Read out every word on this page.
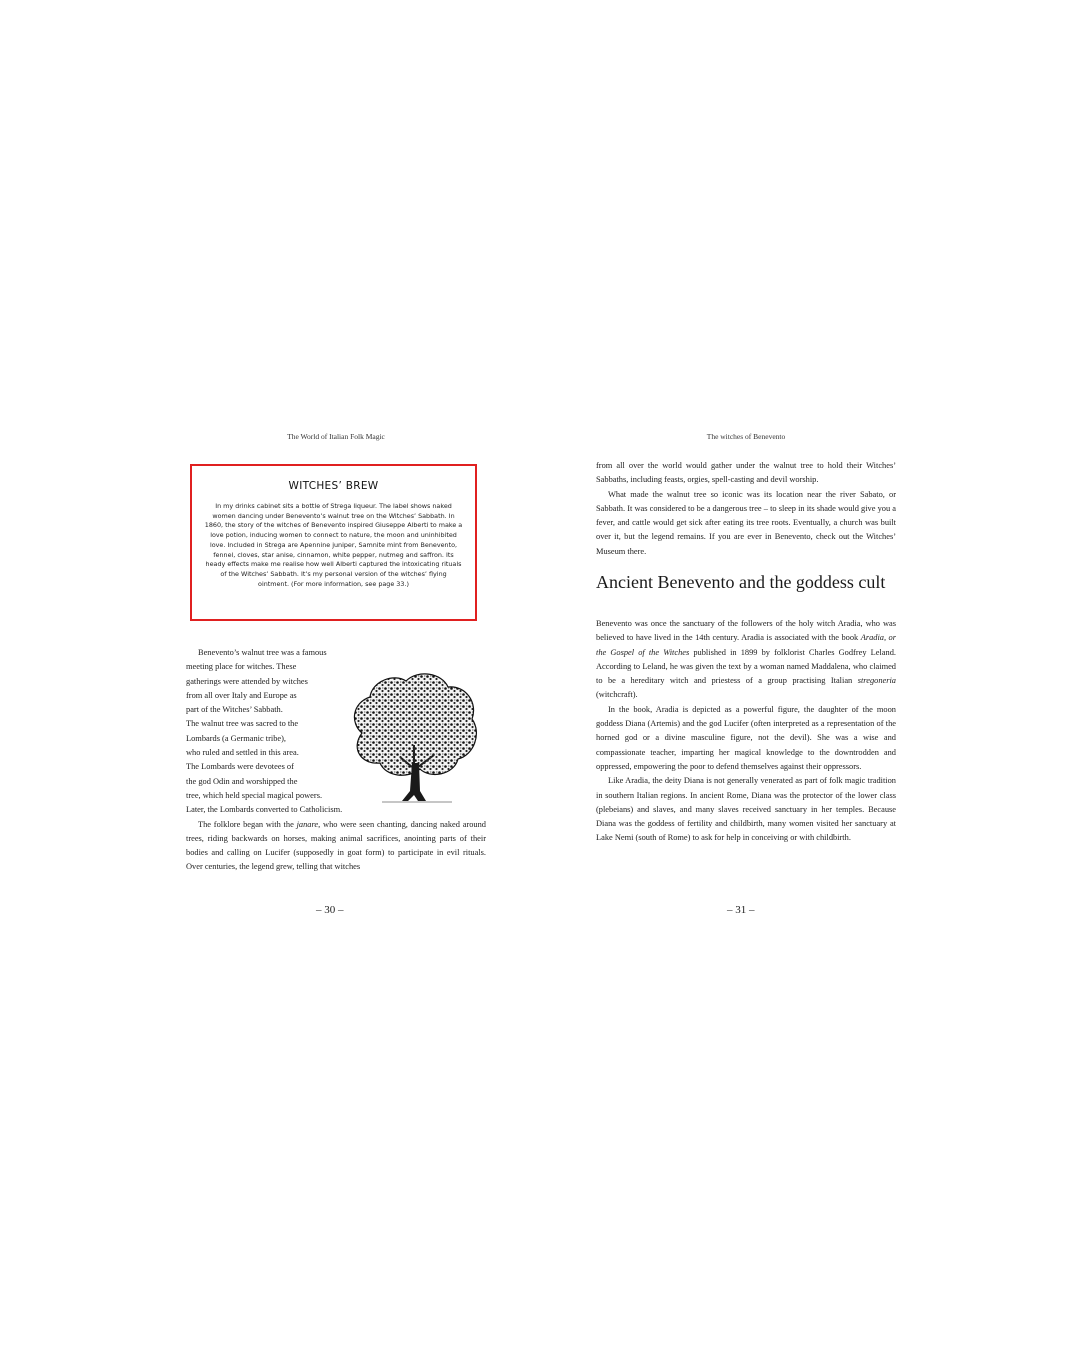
The World of Italian Folk Magic
WITCHES’ BREW
In my drinks cabinet sits a bottle of Strega liqueur. The label shows naked women dancing under Benevento’s walnut tree on the Witches’ Sabbath. In 1860, the story of the witches of Benevento inspired Giuseppe Alberti to make a love potion, inducing women to connect to nature, the moon and uninhibited love. Included in Strega are Apennine juniper, Samnite mint from Benevento, fennel, cloves, star anise, cinnamon, white pepper, nutmeg and saffron. Its heady effects make me realise how well Alberti captured the intoxicating rituals of the Witches’ Sabbath. It’s my personal version of the witches’ flying ointment. (For more information, see page 33.)

Benevento’s walnut tree was a famous
meeting place for witches. These
gatherings were attended by witches
from all over Italy and Europe as
part of the Witches’ Sabbath.
The walnut tree was sacred to the
Lombards (a Germanic tribe),
who ruled and settled in this area.
The Lombards were devotees of
the god Odin and worshipped the
tree, which held special magical powers.
Later, the Lombards converted to Catholicism.

The folklore began with the janare, who were seen chanting, dancing naked around trees, riding backwards on horses, making animal sacrifices, anointing parts of their bodies and calling on Lucifer (supposedly in goat form) to participate in evil rituals. Over centuries, the legend grew, telling that witches

– 30 –
The witches of Benevento

from all over the world would gather under the walnut tree to hold their Witches’ Sabbaths, including feasts, orgies, spell-casting and devil worship.

What made the walnut tree so iconic was its location near the river Sabato, or Sabbath. It was considered to be a dangerous tree – to sleep in its shade would give you a fever, and cattle would get sick after eating its tree roots. Eventually, a church was built over it, but the legend remains. If you are ever in Benevento, check out the Witches’ Museum there.

Ancient Benevento and the goddess cult

Benevento was once the sanctuary of the followers of the holy witch Aradia, who was believed to have lived in the 14th century. Aradia is associated with the book Aradia, or the Gospel of the Witches published in 1899 by folklorist Charles Godfrey Leland. According to Leland, he was given the text by a woman named Maddalena, who claimed to be a hereditary witch and priestess of a group practising Italian stregoneria (witchcraft).

In the book, Aradia is depicted as a powerful figure, the daughter of the moon goddess Diana (Artemis) and the god Lucifer (often interpreted as a representation of the horned god or a divine masculine figure, not the devil). She was a wise and compassionate teacher, imparting her magical knowledge to the downtrodden and oppressed, empowering the poor to defend themselves against their oppressors.

Like Aradia, the deity Diana is not generally venerated as part of folk magic tradition in southern Italian regions. In ancient Rome, Diana was the protector of the lower class (plebeians) and slaves, and many slaves received sanctuary in her temples. Because Diana was the goddess of fertility and childbirth, many women visited her sanctuary at Lake Nemi (south of Rome) to ask for help in conceiving or with childbirth.

– 31 –
